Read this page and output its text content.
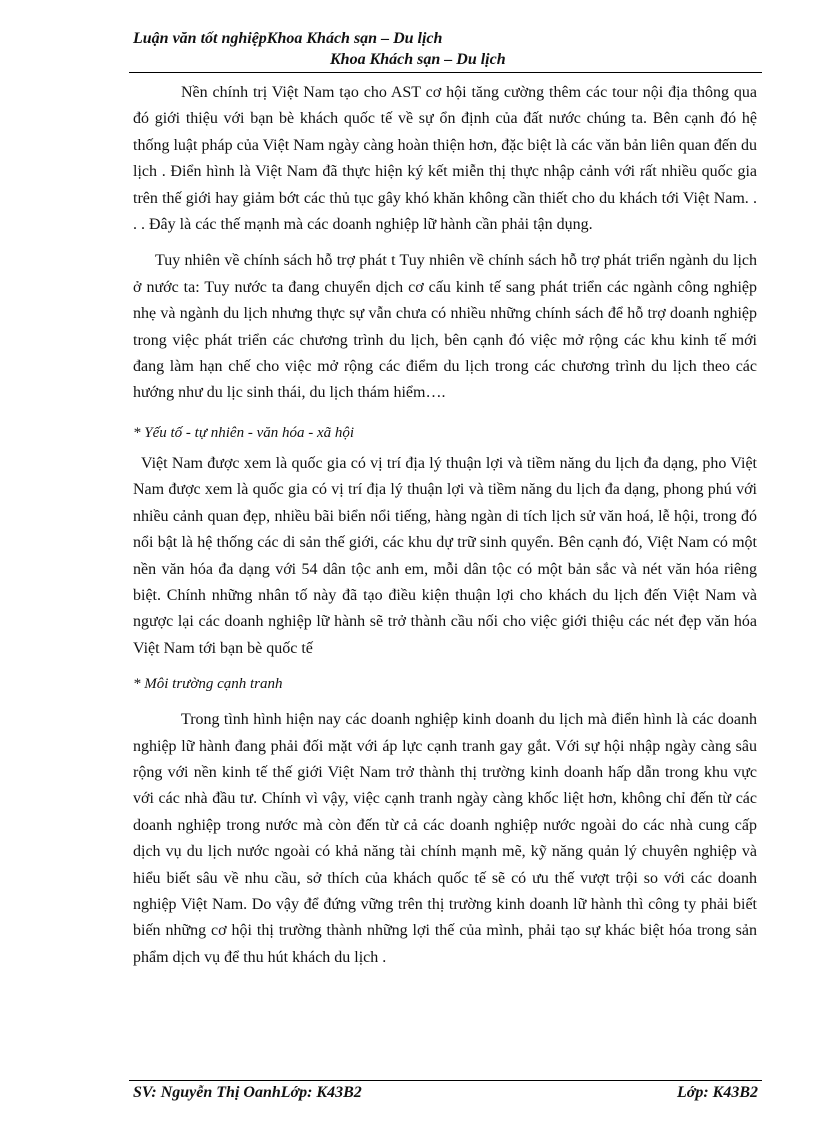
Luận văn tốt nghiệpKhoa Khách sạn – Du lịch
Khoa Khách sạn – Du lịch

Nền chính trị Việt Nam tạo cho AST cơ hội tăng cường thêm các tour nội địa thông qua đó giới thiệu với bạn bè khách quốc tế về sự ổn định của đất nước chúng ta. Bên cạnh đó hệ thống luật pháp của Việt Nam ngày càng hoàn thiện hơn, đặc biệt là các văn bản liên quan đến du lịch . Điển hình là Việt Nam đã thực hiện ký kết miễn thị thực nhập cảnh với rất nhiều quốc gia trên thế giới hay giảm bớt các thủ tục gây khó khăn không cần thiết cho du khách tới Việt Nam. . . . Đây là các thế mạnh mà các doanh nghiệp lữ hành cần phải tận dụng.

Tuy nhiên về chính sách hỗ trợ phát t Tuy nhiên về chính sách hỗ trợ phát triển ngành du lịch ở nước ta: Tuy nước ta đang chuyển dịch cơ cấu kinh tế sang phát triển các ngành công nghiệp nhẹ và ngành du lịch nhưng thực sự vẫn chưa có nhiều những chính sách để hỗ trợ doanh nghiệp trong việc phát triển các chương trình du lịch, bên cạnh đó việc mở rộng các khu kinh tế mới đang làm hạn chế cho việc mở rộng các điểm du lịch trong các chương trình du lịch theo các hướng như du lịc sinh thái, du lịch thám hiểm….

* Yếu tố - tự nhiên - văn hóa - xã hội

Việt Nam được xem là quốc gia có vị trí địa lý thuận lợi và tiềm năng du lịch đa dạng, pho Việt Nam được xem là quốc gia có vị trí địa lý thuận lợi và tiềm năng du lịch đa dạng, phong phú với nhiều cảnh quan đẹp, nhiều bãi biển nổi tiếng, hàng ngàn di tích lịch sử văn hoá, lễ hội, trong đó nổi bật là hệ thống các di sản thế giới, các khu dự trữ sinh quyển. Bên cạnh đó, Việt Nam có một nền văn hóa đa dạng với 54 dân tộc anh em, mỗi dân tộc có một bản sắc và nét văn hóa riêng biệt. Chính những nhân tố này đã tạo điều kiện thuận lợi cho khách du lịch đến Việt Nam và ngược lại các doanh nghiệp lữ hành sẽ trở thành cầu nối cho việc giới thiệu các nét đẹp văn hóa Việt Nam tới bạn bè quốc tế

* Môi trường cạnh tranh

Trong tình hình hiện nay các doanh nghiệp kinh doanh du lịch mà điển hình là các doanh nghiệp lữ hành đang phải đối mặt với áp lực cạnh tranh gay gắt. Với sự hội nhập ngày càng sâu rộng với nền kinh tế thế giới Việt Nam trở thành thị trường kinh doanh hấp dẫn trong khu vực với các nhà đầu tư. Chính vì vậy, việc cạnh tranh ngày càng khốc liệt hơn, không chỉ đến từ các doanh nghiệp trong nước mà còn đến từ cả các doanh nghiệp nước ngoài do các nhà cung cấp dịch vụ du lịch nước ngoài có khả năng tài chính mạnh mẽ, kỹ năng quản lý chuyên nghiệp và hiểu biết sâu về nhu cầu, sở thích của khách quốc tế sẽ có ưu thế vượt trội so với các doanh nghiệp Việt Nam. Do vậy để đứng vững trên thị trường kinh doanh lữ hành thì công ty phải biết biến những cơ hội thị trường thành những lợi thế của mình, phải tạo sự khác biệt hóa trong sản phẩm dịch vụ để thu hút khách du lịch .

SV: Nguyễn Thị OanhLớp: K43B2	Lớp: K43B2
